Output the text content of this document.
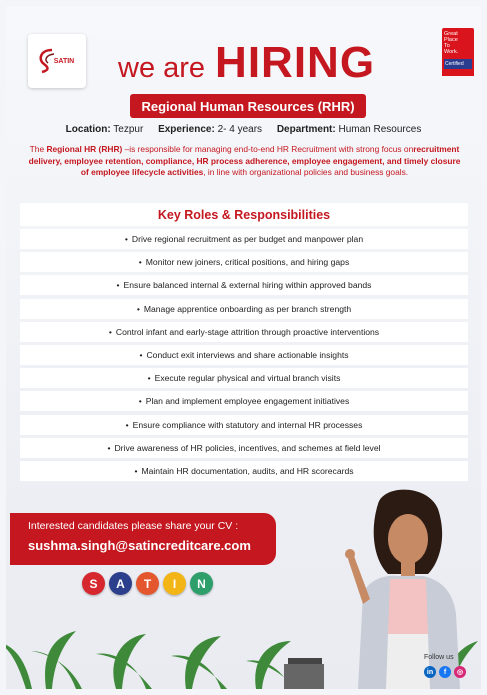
SATIN we are HIRING
Great
Place
To
Work.
Certified
Regional Human Resources (RHR)
Location: Tezpur Experience: 2- 4 years Department: Human Resources

The Regional HR (RHR) –is responsible for managing end-to-end HR Recruitment with strong focus onrecruitment delivery, employee retention, compliance, HR process adherence, employee engagement, and timely closure of employee lifecycle activities, in line with organizational policies and business goals.

Key Roles & Responsibilities
• Drive regional recruitment as per budget and manpower plan
• Monitor new joiners, critical positions, and hiring gaps
• Ensure balanced internal & external hiring within approved bands
• Manage apprentice onboarding as per branch strength
• Control infant and early-stage attrition through proactive interventions
• Conduct exit interviews and share actionable insights
• Execute regular physical and virtual branch visits
• Plan and implement employee engagement initiatives
• Ensure compliance with statutory and internal HR processes
• Drive awareness of HR policies, incentives, and schemes at field level
• Maintain HR documentation, audits, and HR scorecards
Interested candidates please share your CV :
sushma.singh@satincreditcare.com
S	A	T	I	N
Follow us
in	f	◎
